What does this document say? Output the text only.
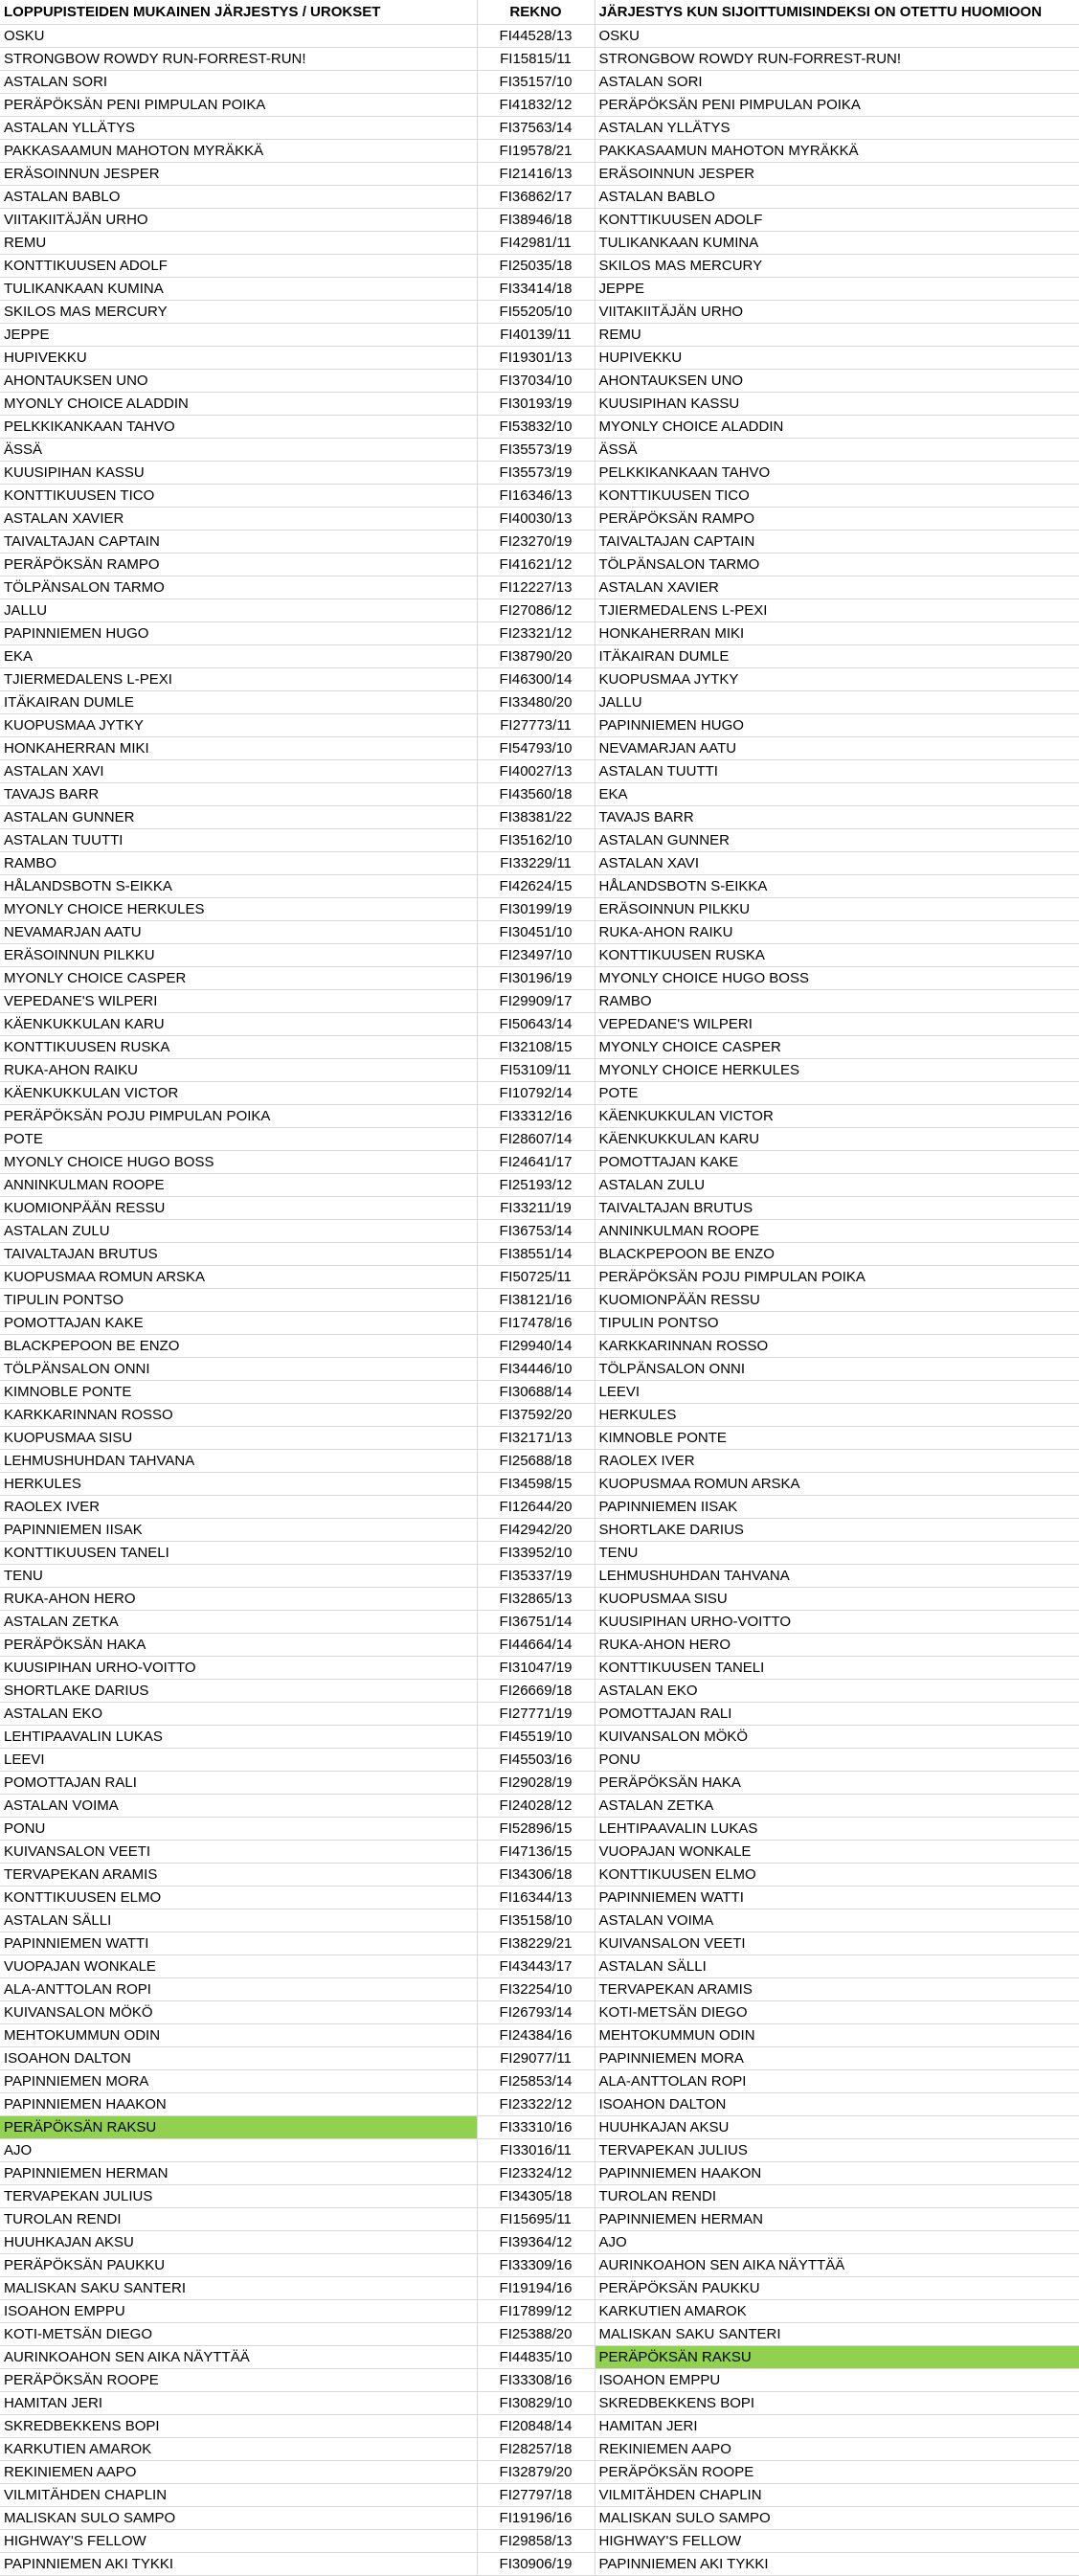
LOPPUPISTEIDEN MUKAINEN JÄRJESTYS / UROKSET	REKNO	JÄRJESTYS KUN SIJOITTUMISINDEKSI ON OTETTU HUOMIOON
OSKU	FI44528/13	OSKU
STRONGBOW ROWDY RUN-FORREST-RUN!	FI15815/11	STRONGBOW ROWDY RUN-FORREST-RUN!
ASTALAN SORI	FI35157/10	ASTALAN SORI
PERÄPÖKSÄN PENI PIMPULAN POIKA	FI41832/12	PERÄPÖKSÄN PENI PIMPULAN POIKA
ASTALAN YLLÄTYS	FI37563/14	ASTALAN YLLÄTYS
PAKKASAAMUN MAHOTON MYRÄKKÄ	FI19578/21	PAKKASAAMUN MAHOTON MYRÄKKÄ
ERÄSOINNUN JESPER	FI21416/13	ERÄSOINNUN JESPER
ASTALAN BABLO	FI36862/17	ASTALAN BABLO
VIITAKIITÄJÄN URHO	FI38946/18	KONTTIKUUSEN ADOLF
REMU	FI42981/11	TULIKANKAAN KUMINA
KONTTIKUUSEN ADOLF	FI25035/18	SKILOS MAS MERCURY
TULIKANKAAN KUMINA	FI33414/18	JEPPE
SKILOS MAS MERCURY	FI55205/10	VIITAKIITÄJÄN URHO
JEPPE	FI40139/11	REMU
HUPIVEKKU	FI19301/13	HUPIVEKKU
AHONTAUKSEN UNO	FI37034/10	AHONTAUKSEN UNO
MYONLY CHOICE ALADDIN	FI30193/19	KUUSIPIHAN KASSU
PELKKIKANKAAN TAHVO	FI53832/10	MYONLY CHOICE ALADDIN
ÄSSÄ	FI35573/19	ÄSSÄ
KUUSIPIHAN KASSU	FI35573/19	PELKKIKANKAAN TAHVO
KONTTIKUUSEN TICO	FI16346/13	KONTTIKUUSEN TICO
ASTALAN XAVIER	FI40030/13	PERÄPÖKSÄN RAMPO
TAIVALTAJAN CAPTAIN	FI23270/19	TAIVALTAJAN CAPTAIN
PERÄPÖKSÄN RAMPO	FI41621/12	TÖLPÄNSALON TARMO
TÖLPÄNSALON TARMO	FI12227/13	ASTALAN XAVIER
JALLU	FI27086/12	TJIERMEDALENS L-PEXI
PAPINNIEMEN HUGO	FI23321/12	HONKAHERRAN MIKI
EKA	FI38790/20	ITÄKAIRAN DUMLE
TJIERMEDALENS L-PEXI	FI46300/14	KUOPUSMAA JYTKY
ITÄKAIRAN DUMLE	FI33480/20	JALLU
KUOPUSMAA JYTKY	FI27773/11	PAPINNIEMEN HUGO
HONKAHERRAN MIKI	FI54793/10	NEVAMARJAN AATU
ASTALAN XAVI	FI40027/13	ASTALAN TUUTTI
TAVAJS BARR	FI43560/18	EKA
ASTALAN GUNNER	FI38381/22	TAVAJS BARR
ASTALAN TUUTTI	FI35162/10	ASTALAN GUNNER
RAMBO	FI33229/11	ASTALAN XAVI
HÅLANDSBOTN S-EIKKA	FI42624/15	HÅLANDSBOTN S-EIKKA
MYONLY CHOICE HERKULES	FI30199/19	ERÄSOINNUN PILKKU
NEVAMARJAN AATU	FI30451/10	RUKA-AHON RAIKU
ERÄSOINNUN PILKKU	FI23497/10	KONTTIKUUSEN RUSKA
MYONLY CHOICE CASPER	FI30196/19	MYONLY CHOICE HUGO BOSS
VEPEDANE'S WILPERI	FI29909/17	RAMBO
KÄENKUKKULAN KARU	FI50643/14	VEPEDANE'S WILPERI
KONTTIKUUSEN RUSKA	FI32108/15	MYONLY CHOICE CASPER
RUKA-AHON RAIKU	FI53109/11	MYONLY CHOICE HERKULES
KÄENKUKKULAN VICTOR	FI10792/14	POTE
PERÄPÖKSÄN POJU PIMPULAN POIKA	FI33312/16	KÄENKUKKULAN VICTOR
POTE	FI28607/14	KÄENKUKKULAN KARU
MYONLY CHOICE HUGO BOSS	FI24641/17	POMOTTAJAN KAKE
ANNINKULMAN ROOPE	FI25193/12	ASTALAN ZULU
KUOMIONPÄÄN RESSU	FI33211/19	TAIVALTAJAN BRUTUS
ASTALAN ZULU	FI36753/14	ANNINKULMAN ROOPE
TAIVALTAJAN BRUTUS	FI38551/14	BLACKPEPOON BE ENZO
KUOPUSMAA ROMUN ARSKA	FI50725/11	PERÄPÖKSÄN POJU PIMPULAN POIKA
TIPULIN PONTSO	FI38121/16	KUOMIONPÄÄN RESSU
POMOTTAJAN KAKE	FI17478/16	TIPULIN PONTSO
BLACKPEPOON BE ENZO	FI29940/14	KARKKARINNAN ROSSO
TÖLPÄNSALON ONNI	FI34446/10	TÖLPÄNSALON ONNI
KIMNOBLE PONTE	FI30688/14	LEEVI
KARKKARINNAN ROSSO	FI37592/20	HERKULES
KUOPUSMAA SISU	FI32171/13	KIMNOBLE PONTE
LEHMUSHUHDAN TAHVANA	FI25688/18	RAOLEX IVER
HERKULES	FI34598/15	KUOPUSMAA ROMUN ARSKA
RAOLEX IVER	FI12644/20	PAPINNIEMEN IISAK
PAPINNIEMEN IISAK	FI42942/20	SHORTLAKE DARIUS
KONTTIKUUSEN TANELI	FI33952/10	TENU
TENU	FI35337/19	LEHMUSHUHDAN TAHVANA
RUKA-AHON HERO	FI32865/13	KUOPUSMAA SISU
ASTALAN ZETKA	FI36751/14	KUUSIPIHAN URHO-VOITTO
PERÄPÖKSÄN HAKA	FI44664/14	RUKA-AHON HERO
KUUSIPIHAN URHO-VOITTO	FI31047/19	KONTTIKUUSEN TANELI
SHORTLAKE DARIUS	FI26669/18	ASTALAN EKO
ASTALAN EKO	FI27771/19	POMOTTAJAN RALI
LEHTIPAAVALIN LUKAS	FI45519/10	KUIVANSALON MÖKÖ
LEEVI	FI45503/16	PONU
POMOTTAJAN RALI	FI29028/19	PERÄPÖKSÄN HAKA
ASTALAN VOIMA	FI24028/12	ASTALAN ZETKA
PONU	FI52896/15	LEHTIPAAVALIN LUKAS
KUIVANSALON VEETI	FI47136/15	VUOPAJAN WONKALE
TERVAPEKAN ARAMIS	FI34306/18	KONTTIKUUSEN ELMO
KONTTIKUUSEN ELMO	FI16344/13	PAPINNIEMEN WATTI
ASTALAN SÄLLI	FI35158/10	ASTALAN VOIMA
PAPINNIEMEN WATTI	FI38229/21	KUIVANSALON VEETI
VUOPAJAN WONKALE	FI43443/17	ASTALAN SÄLLI
ALA-ANTTOLAN ROPI	FI32254/10	TERVAPEKAN ARAMIS
KUIVANSALON MÖKÖ	FI26793/14	KOTI-METSÄN DIEGO
MEHTOKUMMUN ODIN	FI24384/16	MEHTOKUMMUN ODIN
ISOAHON DALTON	FI29077/11	PAPINNIEMEN MORA
PAPINNIEMEN MORA	FI25853/14	ALA-ANTTOLAN ROPI
PAPINNIEMEN HAAKON	FI23322/12	ISOAHON DALTON
PERÄPÖKSÄN RAKSU	FI33310/16	HUUHKAJAN AKSU
AJO	FI33016/11	TERVAPEKAN JULIUS
PAPINNIEMEN HERMAN	FI23324/12	PAPINNIEMEN HAAKON
TERVAPEKAN JULIUS	FI34305/18	TUROLAN RENDI
TUROLAN RENDI	FI15695/11	PAPINNIEMEN HERMAN
HUUHKAJAN AKSU	FI39364/12	AJO
PERÄPÖKSÄN PAUKKU	FI33309/16	AURINKOAHON SEN AIKA NÄYTTÄÄ
MALISKAN SAKU SANTERI	FI19194/16	PERÄPÖKSÄN PAUKKU
ISOAHON EMPPU	FI17899/12	KARKUTIEN AMAROK
KOTI-METSÄN DIEGO	FI25388/20	MALISKAN SAKU SANTERI
AURINKOAHON SEN AIKA NÄYTTÄÄ	FI44835/10	PERÄPÖKSÄN RAKSU
PERÄPÖKSÄN ROOPE	FI33308/16	ISOAHON EMPPU
HAMITAN JERI	FI30829/10	SKREDBEKKENS BOPI
SKREDBEKKENS BOPI	FI20848/14	HAMITAN JERI
KARKUTIEN AMAROK	FI28257/18	REKINIEMEN AAPO
REKINIEMEN AAPO	FI32879/20	PERÄPÖKSÄN ROOPE
VILMITÄHDEN CHAPLIN	FI27797/18	VILMITÄHDEN CHAPLIN
MALISKAN SULO SAMPO	FI19196/16	MALISKAN SULO SAMPO
HIGHWAY'S FELLOW	FI29858/13	HIGHWAY'S FELLOW
PAPINNIEMEN AKI TYKKI	FI30906/19	PAPINNIEMEN AKI TYKKI
